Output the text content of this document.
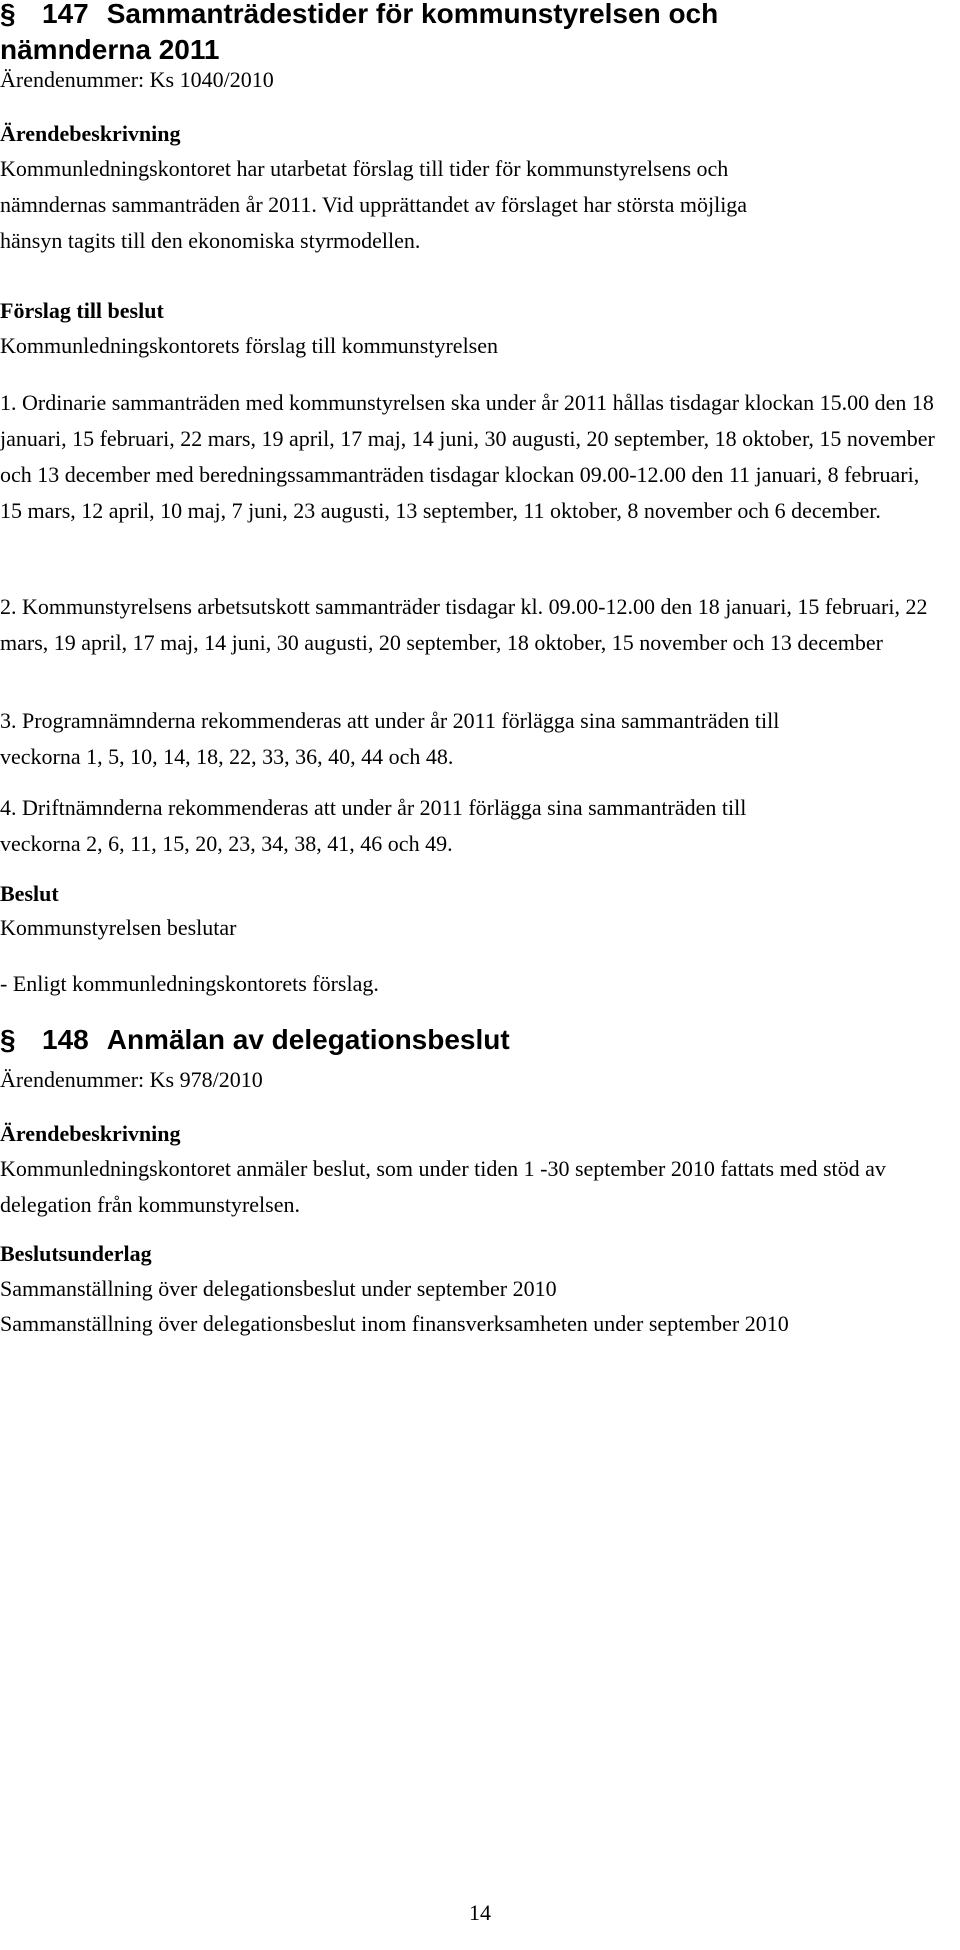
§ 147 Sammanträdestider för kommunstyrelsen och
nämnderna 2011

Ärendenummer: Ks 1040/2010

Ärendebeskrivning

Kommunledningskontoret har utarbetat förslag till tider för kommunstyrelsens och nämndernas sammanträden år 2011. Vid upprättandet av förslaget har största möjliga hänsyn tagits till den ekonomiska styrmodellen.

Förslag till beslut

Kommunledningskontorets förslag till kommunstyrelsen

1. Ordinarie sammanträden med kommunstyrelsen ska under år 2011 hållas tisdagar klockan 15.00 den 18 januari, 15 februari, 22 mars, 19 april, 17 maj, 14 juni, 30 augusti, 20 september, 18 oktober, 15 november och 13 december med beredningssammanträden tisdagar klockan 09.00-12.00 den 11 januari, 8 februari, 15 mars, 12 april, 10 maj, 7 juni, 23 augusti, 13 september, 11 oktober, 8 november och 6 december.

2. Kommunstyrelsens arbetsutskott sammanträder tisdagar kl. 09.00-12.00 den 18 januari, 15 februari, 22 mars, 19 april, 17 maj, 14 juni, 30 augusti, 20 september, 18 oktober, 15 november och 13 december

3. Programnämnderna rekommenderas att under år 2011 förlägga sina sammanträden till veckorna 1, 5, 10, 14, 18, 22, 33, 36, 40, 44 och 48.

4. Driftnämnderna rekommenderas att under år 2011 förlägga sina sammanträden till veckorna 2, 6, 11, 15, 20, 23, 34, 38, 41, 46 och 49.

Beslut

Kommunstyrelsen beslutar

- Enligt kommunledningskontorets förslag.

§ 148 Anmälan av delegationsbeslut

Ärendenummer: Ks 978/2010

Ärendebeskrivning

Kommunledningskontoret anmäler beslut, som under tiden 1 -30 september 2010 fattats med stöd av delegation från kommunstyrelsen.

Beslutsunderlag

Sammanställning över delegationsbeslut under september 2010

Sammanställning över delegationsbeslut inom finansverksamheten under september 2010

14
